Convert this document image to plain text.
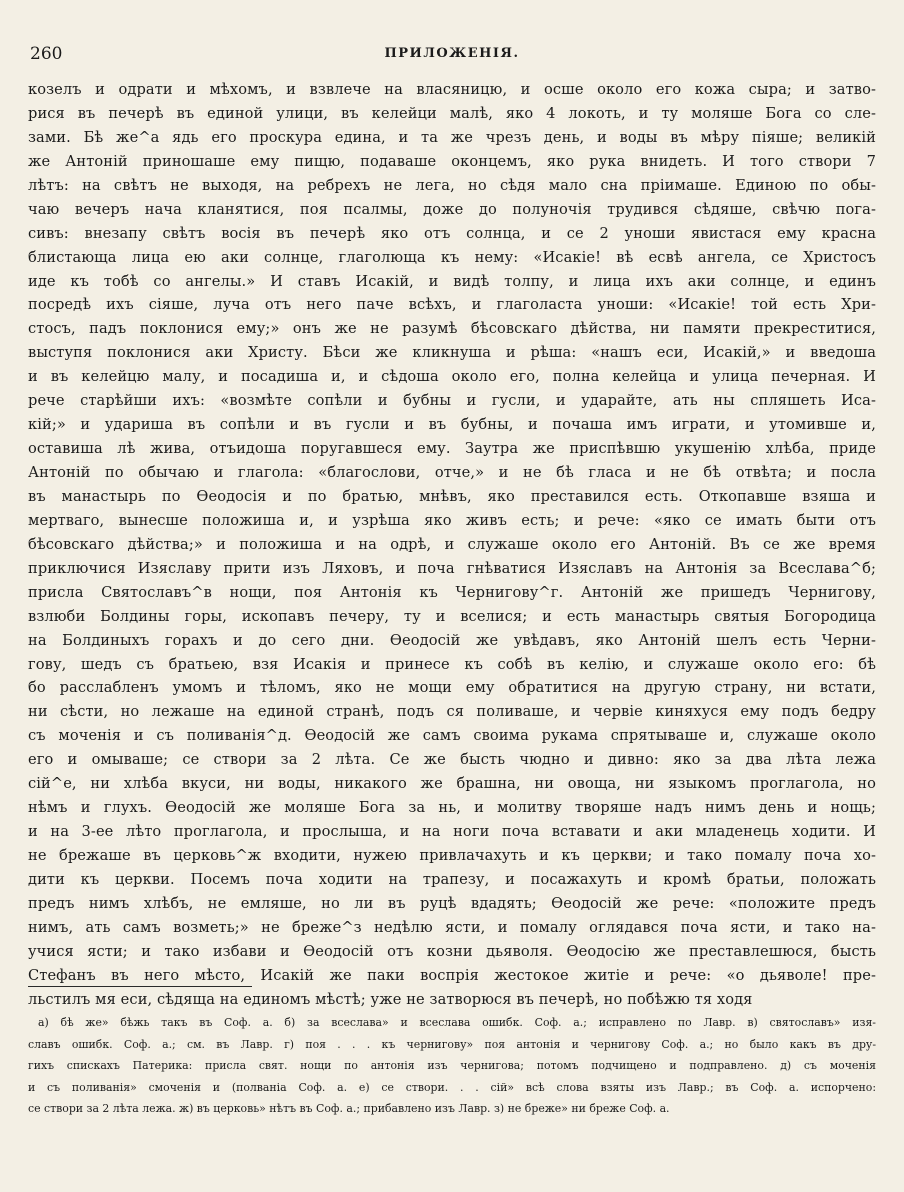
260	ПРИЛОЖЕНІЯ.
козелъ и одрати и мѣхомъ, и взвлече на власяницю, и осше около его кожа сыра; и затво-
рися въ печерѣ въ единой улици, въ келейци малѣ, яко 4 локоть, и ту моляше Бога со сле-
зами. Бѣ же^а ядь его проскура едина, и та же чрезъ день, и воды въ мѣру піяше; великій
же Антоній приношаше ему пищю, подаваше оконцемъ, яко рука внидеть. И того створи 7
лѣтъ: на свѣтъ не выходя, на ребрехъ не лега, но сѣдя мало сна пріимаше. Единою по обы-
чаю вечеръ нача кланятися, поя псалмы, доже до полуночія трудився сѣдяше, свѣчю пога-
сивъ: внезапу свѣтъ восія въ печерѣ яко отъ солнца, и се 2 уноши явистася ему красна
блистающа лица ею аки солнце, глаголюща къ нему: «Исакіе! вѣ есвѣ ангела, се Христосъ
иде къ тобѣ со ангелы.» И ставъ Исакій, и видѣ толпу, и лица ихъ аки солнце, и единъ
посредѣ ихъ сіяше, луча отъ него паче всѣхъ, и глаголаста уноши: «Исакіе! той есть Хри-
стосъ, падъ поклонися ему;» онъ же не разумѣ бѣсовскаго дѣйства, ни памяти прекреститися,
выступя поклонися аки Христу. Бѣси же кликнуша и рѣша: «нашъ еси, Исакій,» и введоша
и въ келейцю малу, и посадиша и, и сѣдоша около его, полна келейца и улица печерная. И
рече старѣйши ихъ: «возмѣте сопѣли и бубны и гусли, и ударайте, ать ны спляшеть Иса-
кій;» и удариша въ сопѣли и въ гусли и въ бубны, и почаша имъ играти, и утомивше и,
оставиша лѣ жива, отъидоша поругавшеся ему. Заутра же приспѣвшю укушенію хлѣба, приде
Антоній по обычаю и глагола: «благослови, отче,» и не бѣ гласа и не бѣ отвѣта; и посла
въ манастырь по Ѳеодосія и по братью, мнѣвъ, яко преставился есть. Откопавше взяша и
мертваго, вынесше положиша и, и узрѣша яко живъ есть; и рече: «яко се имать быти отъ
бѣсовскаго дѣйства;» и положиша и на одрѣ, и служаше около его Антоній. Въ се же время
приключися Изяславу прити изъ Ляховъ, и поча гнѣватися Изяславъ на Антонія за Всеслава^б;
присла Святославъ^в нощи, поя Антонія къ Чернигову^г. Антоній же пришедъ Чернигову,
взлюби Болдины горы, ископавъ печеру, ту и вселися; и есть манастырь святыя Богородица
на Болдиныхъ горахъ и до сего дни. Ѳеодосій же увѣдавъ, яко Антоній шелъ есть Черни-
гову, шедъ съ братьею, взя Исакія и принесе къ собѣ въ келію, и служаше около его: бѣ
бо расслабленъ умомъ и тѣломъ, яко не мощи ему обратитися на другую страну, ни встати,
ни сѣсти, но лежаше на единой странѣ, подъ ся поливаше, и червіе киняхуся ему подъ бедру
съ моченія и съ поливанія^д. Ѳеодосій же самъ своима рукама спрятываше и, служаше около
его и омываше; се створи за 2 лѣта. Се же бысть чюдно и дивно: яко за два лѣта лежа
сій^е, ни хлѣба вкуси, ни воды, никакого же брашна, ни овоща, ни языкомъ проглагола, но
нѣмъ и глухъ. Ѳеодосій же моляше Бога за нь, и молитву творяше надъ нимъ день и нощь;
и на 3-ее лѣто проглагола, и прослыша, и на ноги поча вставати и аки младенець ходити. И
не брежаше въ церковь^ж входити, нужею привлачахуть и къ церкви; и тако помалу поча хо-
дити къ церкви. Посемъ поча ходити на трапезу, и посажахуть и кромѣ братьи, положать
предъ нимъ хлѣбъ, не емляше, но ли въ руцѣ вдадять; Ѳеодосій же рече: «положите предъ
нимъ, ать самъ возметь;» не бреже^з недѣлю ясти, и помалу оглядався поча ясти, и тако на-
учися ясти; и тако избави и Ѳеодосій отъ козни дьяволя. Ѳеодосію же преставлешюся, бысть
Стефанъ въ него мѣсто, Исакій же паки воспрія жестокое житіе и рече: «о дьяволе! пре-
льстилъ мя еси, сѣдяща на единомъ мѣстѣ; уже не затворюся въ печерѣ, но побѣжю тя ходя
а) бѣ же» бѣжь такъ въ Соф. а. б) за всеслава» и всеслава ошибк. Соф. а.; исправлено по Лавр. в) святославъ» изя-
славъ ошибк. Соф. а.; см. въ Лавр. г) поя . . . къ чернигову» поя антонія и чернигову Соф. а.; но было какъ въ дру-
гихъ спискахъ Патерика: присла свят. нощи по антонія изъ чернигова; потомъ подчищено и подправлено. д) съ моченія
и съ поливанія» смоченія и (полваніа Соф. а. е) се створи. . . сій» всѣ слова взяты изъ Лавр.; въ Соф. а. испорчено:
се створи за 2 лѣта лежа. ж) въ церковь» нѣтъ въ Соф. а.; прибавлено изъ Лавр. з) не бреже» ни бреже Соф. а.
